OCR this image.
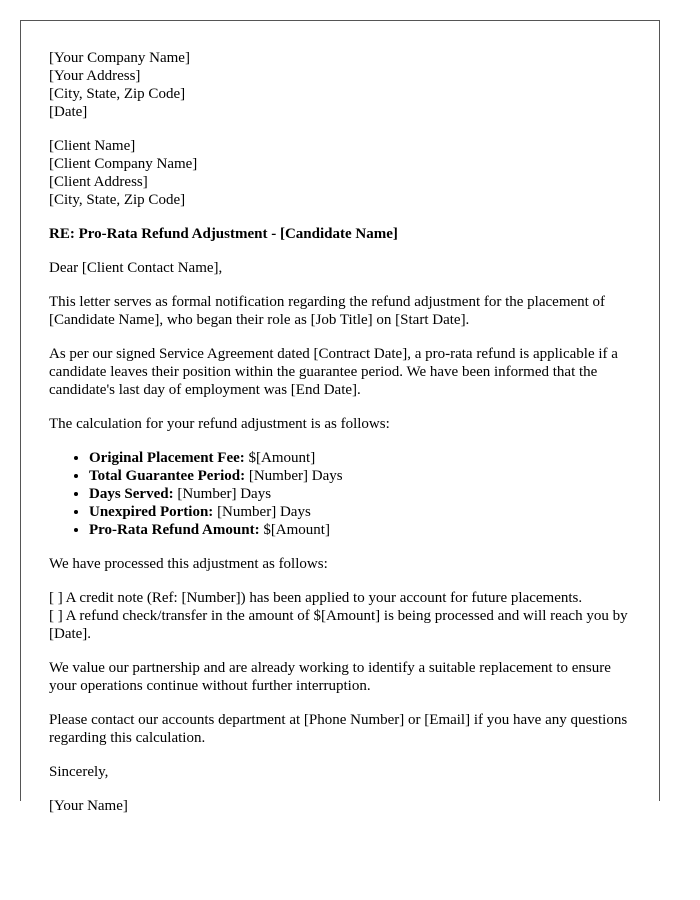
[Your Company Name]
[Your Address]
[City, State, Zip Code]
[Date]
[Client Name]
[Client Company Name]
[Client Address]
[City, State, Zip Code]

RE: Pro-Rata Refund Adjustment - [Candidate Name]

Dear [Client Contact Name],

This letter serves as formal notification regarding the refund adjustment for the placement of [Candidate Name], who began their role as [Job Title] on [Start Date].

As per our signed Service Agreement dated [Contract Date], a pro-rata refund is applicable if a candidate leaves their position within the guarantee period. We have been informed that the candidate's last day of employment was [End Date].

The calculation for your refund adjustment is as follows:

• Original Placement Fee: $[Amount]
• Total Guarantee Period: [Number] Days
• Days Served: [Number] Days
• Unexpired Portion: [Number] Days
• Pro-Rata Refund Amount: $[Amount]

We have processed this adjustment as follows:

[ ] A credit note (Ref: [Number]) has been applied to your account for future placements.
[ ] A refund check/transfer in the amount of $[Amount] is being processed and will reach you by [Date].

We value our partnership and are already working to identify a suitable replacement to ensure your operations continue without further interruption.

Please contact our accounts department at [Phone Number] or [Email] if you have any questions regarding this calculation.

Sincerely,

[Your Name]
